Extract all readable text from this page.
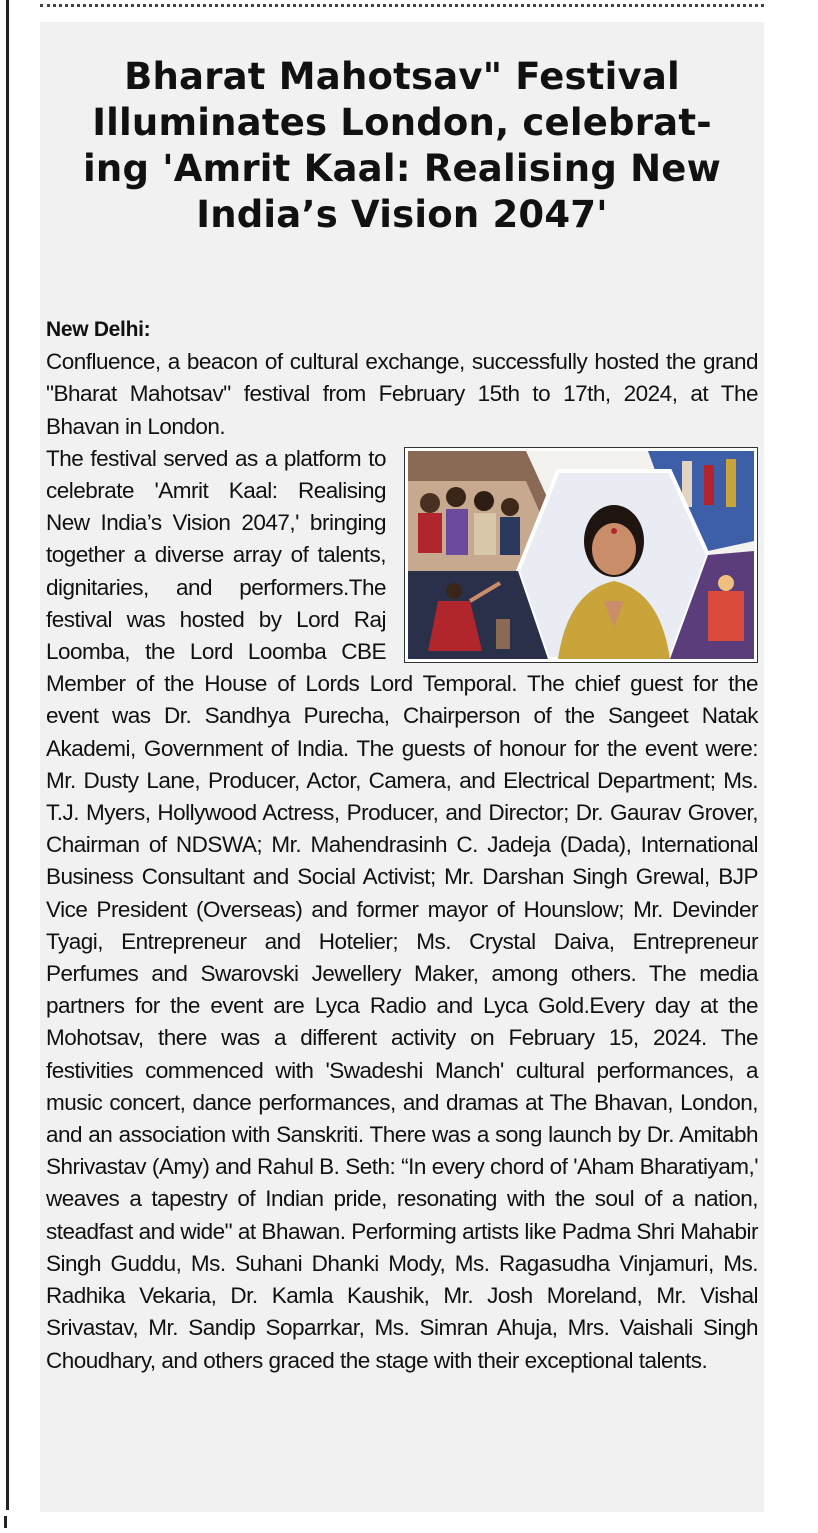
Bharat Mahotsav" Festival
Illuminates London, celebrat-
ing 'Amrit Kaal: Realising New
India’s Vision 2047'

New Delhi:

Confluence, a beacon of cultural exchange, successfully hosted the grand "Bharat Mahotsav" festival from February 15th to 17th, 2024, at The Bhavan in London.

The festival served as a platform to celebrate 'Amrit Kaal: Realising New India’s Vision 2047,' bringing together a diverse array of talents, dignitaries, and performers.The festival was hosted by Lord Raj Loomba, the Lord Loomba CBE Member of the House of Lords Lord Temporal. The chief guest for the event was Dr. Sandhya Purecha, Chairperson of the Sangeet Natak Akademi, Government of India. The guests of honour for the event were: Mr. Dusty Lane, Producer, Actor, Camera, and Electrical Department; Ms. T.J. Myers, Hollywood Actress, Producer, and Director; Dr. Gaurav Grover, Chairman of NDSWA; Mr. Mahendrasinh C. Jadeja (Dada), International Business Consultant and Social Activist; Mr. Darshan Singh Grewal, BJP Vice President (Overseas) and former mayor of Hounslow; Mr. Devinder Tyagi, Entrepreneur and Hotelier; Ms. Crystal Daiva, Entrepreneur Perfumes and Swarovski Jewellery Maker, among others. The media partners for the event are Lyca Radio and Lyca Gold.Every day at the Mohotsav, there was a different activity on February 15, 2024. The festivities commenced with 'Swadeshi Manch' cultural performances, a music concert, dance performances, and dramas at The Bhavan, London, and an association with Sanskriti. There was a song launch by Dr. Amitabh Shrivastav (Amy) and Rahul B. Seth: “In every chord of 'Aham Bharatiyam,' weaves a tapestry of Indian pride, resonating with the soul of a nation, steadfast and wide" at Bhawan. Performing artists like Padma Shri Mahabir Singh Guddu, Ms. Suhani Dhanki Mody, Ms. Ragasudha Vinjamuri, Ms. Radhika Vekaria, Dr. Kamla Kaushik, Mr. Josh Moreland, Mr. Vishal Srivastav, Mr. Sandip Soparrkar, Ms. Simran Ahuja, Mrs. Vaishali Singh Choudhary, and others graced the stage with their exceptional talents.
